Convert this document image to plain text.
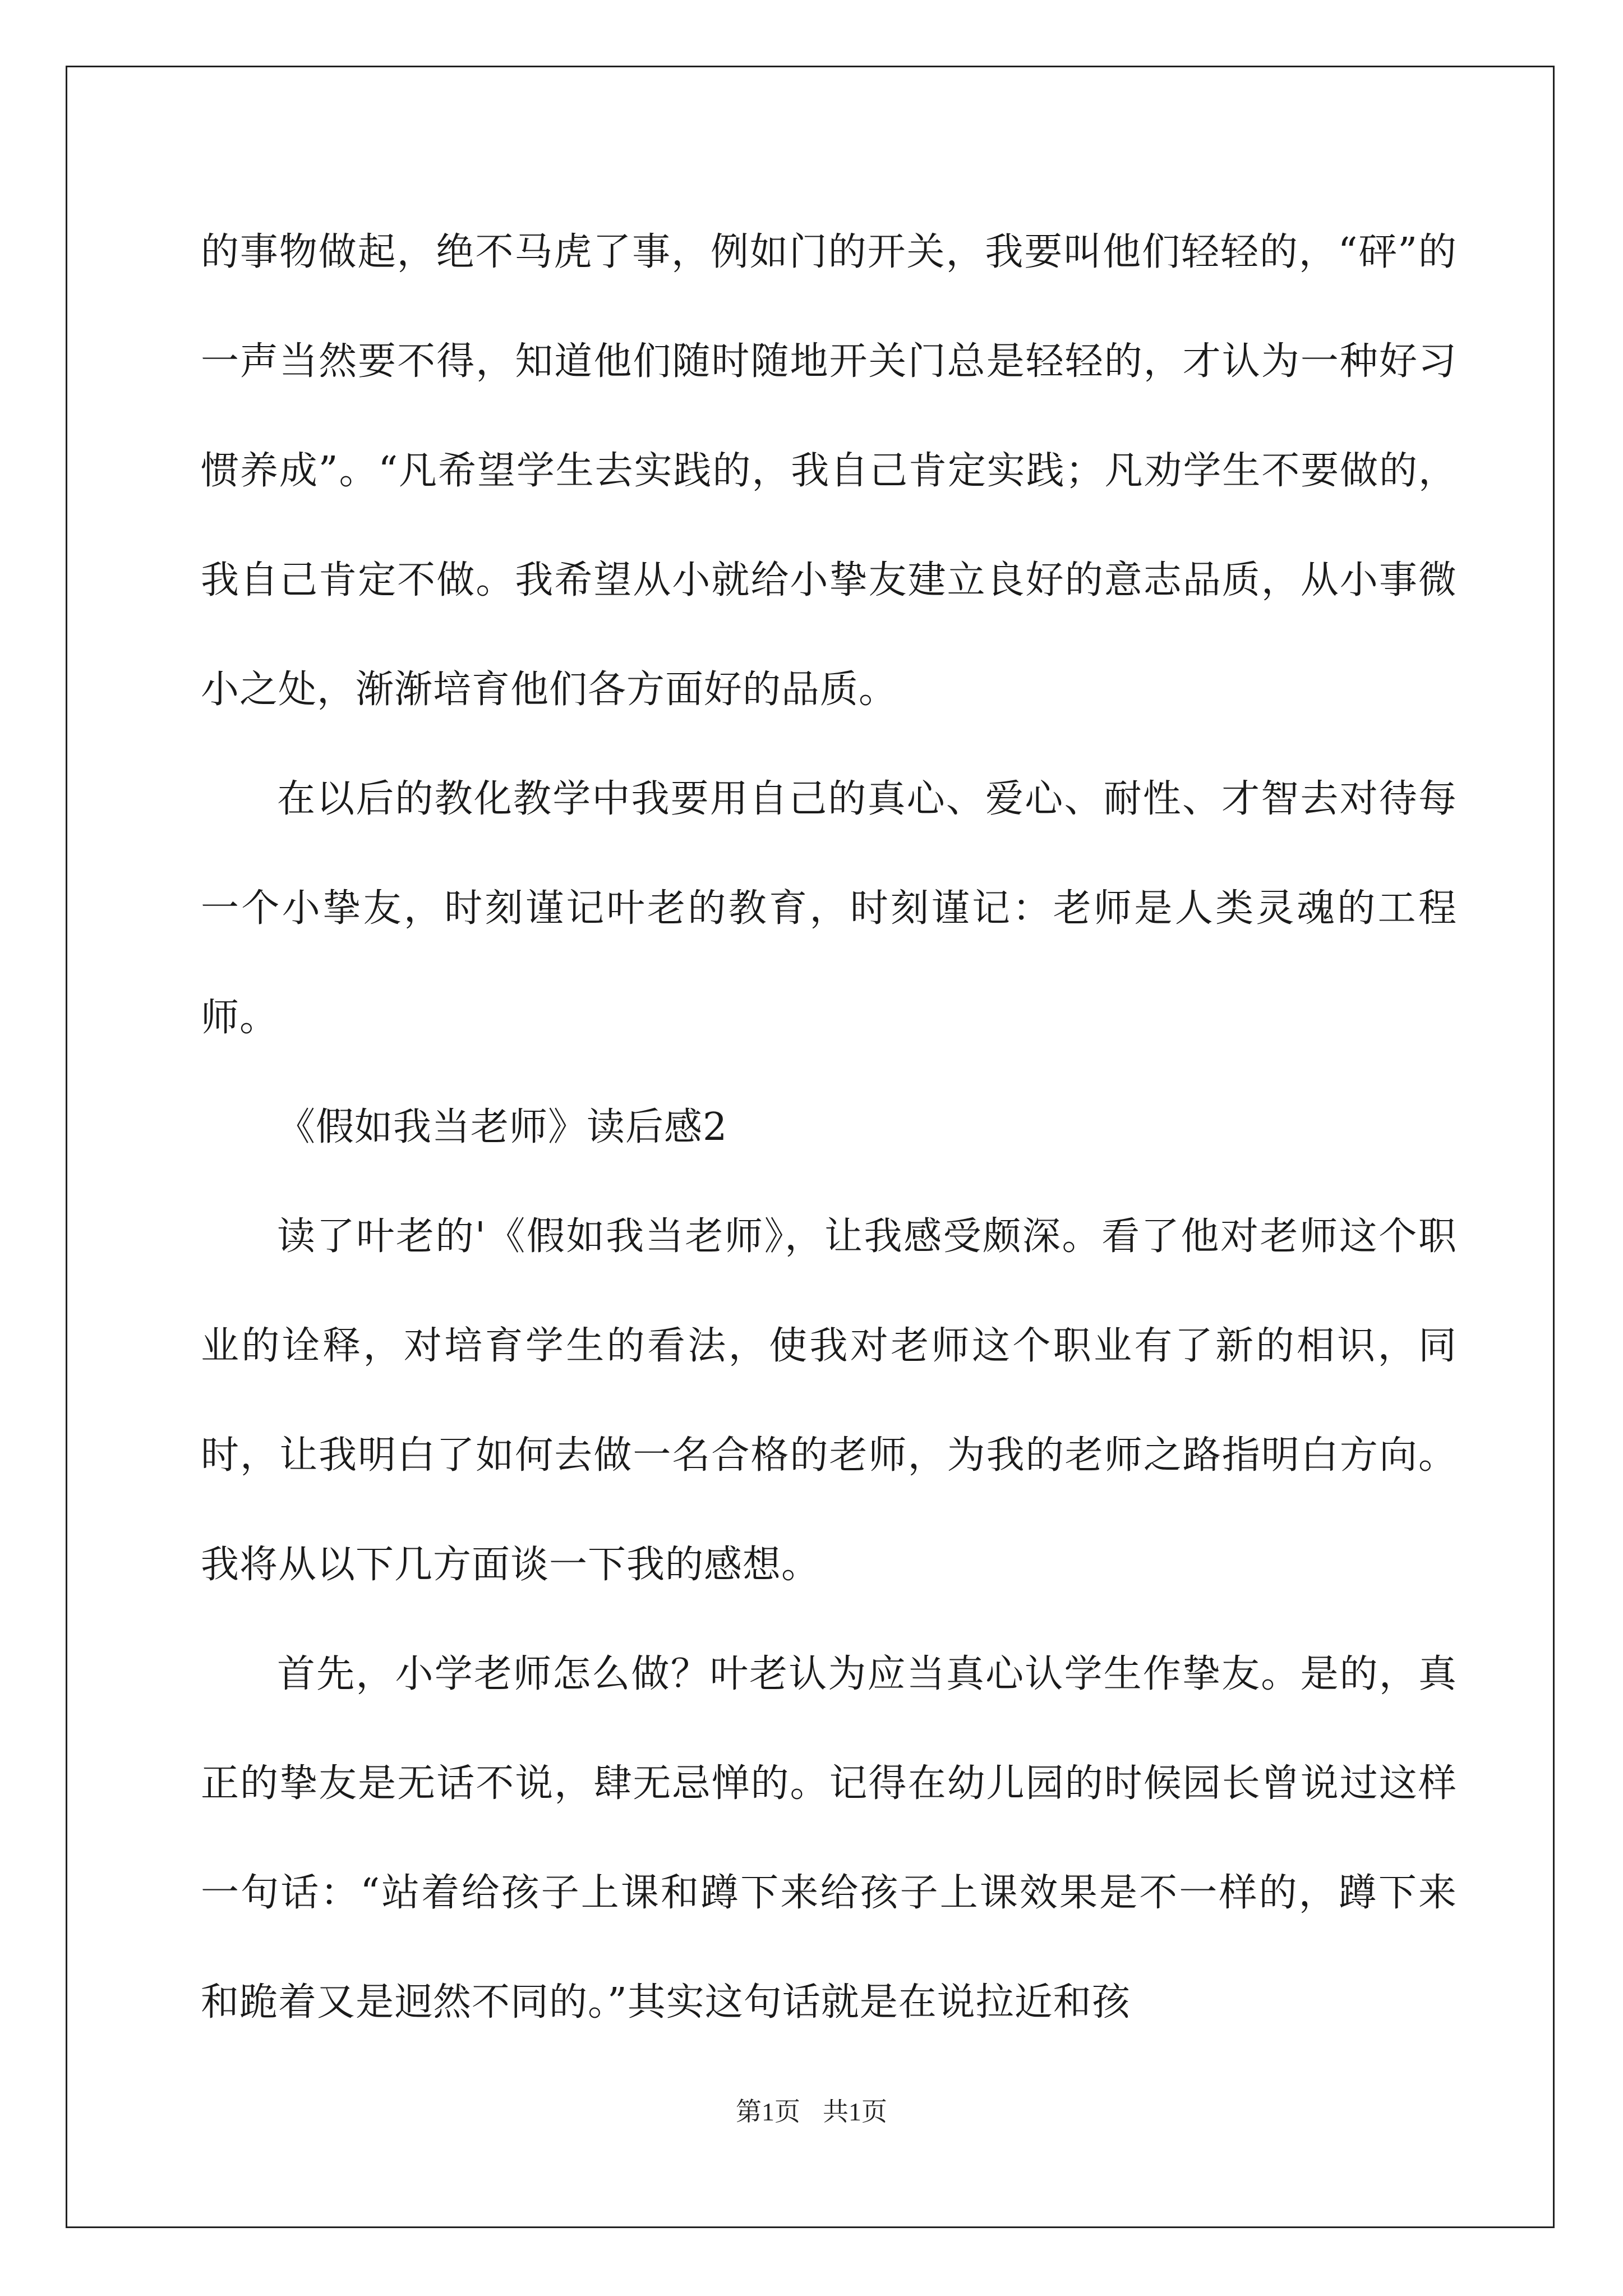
的事物做起，绝不马虎了事，例如门的开关，我要叫他们轻轻的，“砰”的一声当然要不得，知道他们随时随地开关门总是轻轻的，才认为一种好习惯养成”。“凡希望学生去实践的，我自己肯定实践；凡劝学生不要做的，我自己肯定不做。我希望从小就给小挚友建立良好的意志品质，从小事微小之处，渐渐培育他们各方面好的品质。

在以后的教化教学中我要用自己的真心、爱心、耐性、才智去对待每一个小挚友，时刻谨记叶老的教育，时刻谨记：老师是人类灵魂的工程师。

《假如我当老师》读后感2

读了叶老的'《假如我当老师》，让我感受颇深。看了他对老师这个职业的诠释，对培育学生的看法，使我对老师这个职业有了新的相识，同时，让我明白了如何去做一名合格的老师，为我的老师之路指明白方向。我将从以下几方面谈一下我的感想。

首先，小学老师怎么做？叶老认为应当真心认学生作挚友。是的，真正的挚友是无话不说，肆无忌惮的。记得在幼儿园的时候园长曾说过这样一句话：“站着给孩子上课和蹲下来给孩子上课效果是不一样的，蹲下来和跪着又是迥然不同的。”其实这句话就是在说拉近和孩

第1页 共1页
